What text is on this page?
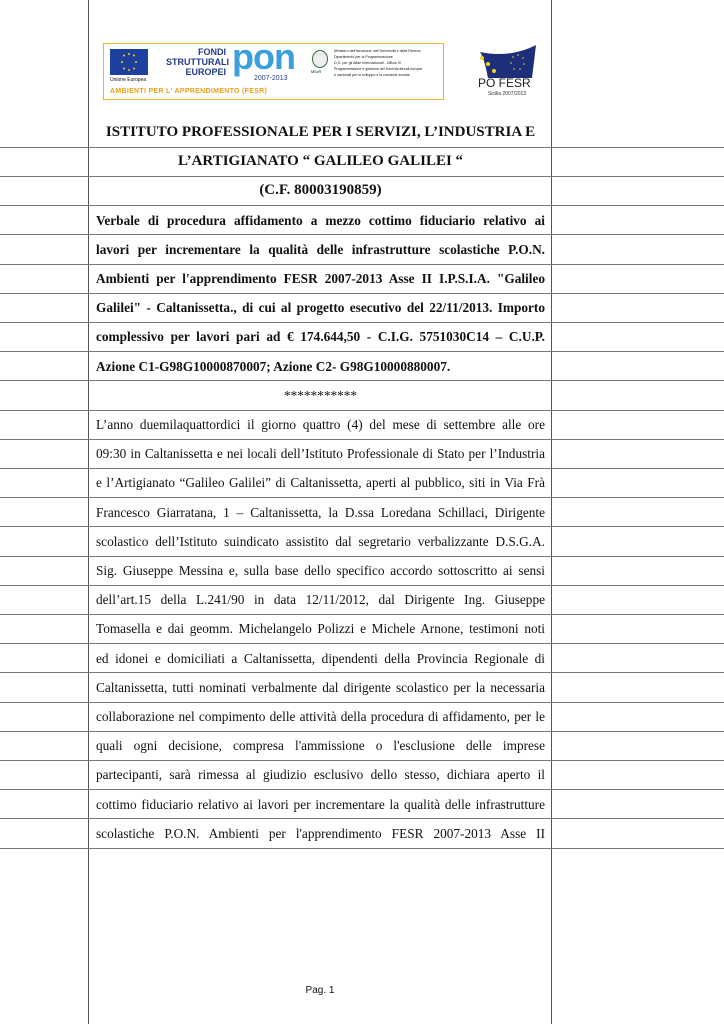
Unione Europea
FONDI
STRUTTURALI
EUROPEI pon
2007-2013
MIUR
Ministero dell'Istruzione, dell'Università e della Ricerca
Dipartimento per la Programmazione
D.G. per gli Affari Internazionali - Ufficio IV
Programmazione e gestione dei fondi strutturali europei
e nazionali per lo sviluppo e la coesione sociale
AMBIENTI PER L' APPRENDIMENTO (FESR)
PO FESR
Sicilia 2007/2013
ISTITUTO PROFESSIONALE PER I SERVIZI, L’INDUSTRIA E
L’ARTIGIANATO “ GALILEO GALILEI “
(C.F. 80003190859)
Verbale di procedura affidamento a mezzo cottimo fiduciario relativo ai
lavori per incrementare la qualità delle infrastrutture scolastiche P.O.N.
Ambienti per l'apprendimento FESR 2007-2013 Asse II I.P.S.I.A. "Galileo
Galilei" - Caltanissetta., di cui al progetto esecutivo del 22/11/2013. Importo
complessivo per lavori pari ad € 174.644,50 - C.I.G. 5751030C14 – C.U.P.
Azione C1-G98G10000870007; Azione C2- G98G10000880007.
***********
L’anno duemilaquattordici il giorno quattro (4) del mese di settembre alle ore
09:30 in Caltanissetta e nei locali dell’Istituto Professionale di Stato per l’Industria
e l’Artigianato “Galileo Galilei” di Caltanissetta, aperti al pubblico, siti in Via Frà
Francesco Giarratana, 1 – Caltanissetta, la D.ssa Loredana Schillaci, Dirigente
scolastico dell’Istituto suindicato assistito dal segretario verbalizzante D.S.G.A.
Sig. Giuseppe Messina e, sulla base dello specifico accordo sottoscritto ai sensi
dell’art.15 della L.241/90 in data 12/11/2012, dal Dirigente Ing. Giuseppe
Tomasella e dai geomm. Michelangelo Polizzi e Michele Arnone, testimoni noti
ed idonei e domiciliati a Caltanissetta, dipendenti della Provincia Regionale di
Caltanissetta, tutti nominati verbalmente dal dirigente scolastico per la necessaria
collaborazione nel compimento delle attività della procedura di affidamento, per le
quali ogni decisione, compresa l'ammissione o l'esclusione delle imprese
partecipanti, sarà rimessa al giudizio esclusivo dello stesso, dichiara aperto il
cottimo fiduciario relativo ai lavori per incrementare la qualità delle infrastrutture
scolastiche P.O.N. Ambienti per l'apprendimento FESR 2007-2013 Asse II
Pag. 1
